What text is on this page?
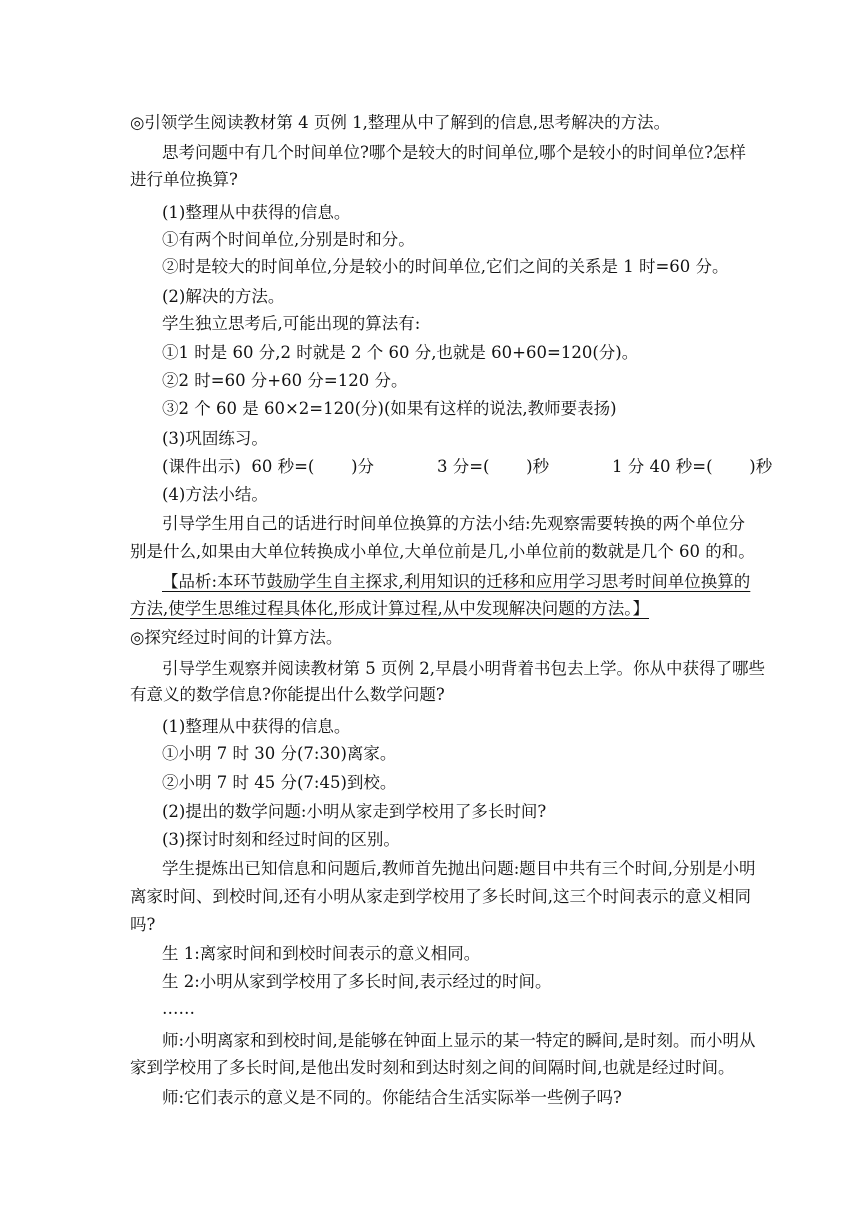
◎引领学生阅读教材第 4 页例 1,整理从中了解到的信息,思考解决的方法。
思考问题中有几个时间单位?哪个是较大的时间单位,哪个是较小的时间单位?怎样
进行单位换算?
(1)整理从中获得的信息。
①有两个时间单位,分别是时和分。
②时是较大的时间单位,分是较小的时间单位,它们之间的关系是 1 时=60 分。
(2)解决的方法。
学生独立思考后,可能出现的算法有:
①1 时是 60 分,2 时就是 2 个 60 分,也就是 60+60=120(分)。
②2 时=60 分+60 分=120 分。
③2 个 60 是 60×2=120(分)(如果有这样的说法,教师要表扬)
(3)巩固练习。
(课件出示)  60 秒=(       )分            3 分=(       )秒            1 分 40 秒=(       )秒
(4)方法小结。
引导学生用自己的话进行时间单位换算的方法小结:先观察需要转换的两个单位分
别是什么,如果由大单位转换成小单位,大单位前是几,小单位前的数就是几个 60 的和。
【品析:本环节鼓励学生自主探求,利用知识的迁移和应用学习思考时间单位换算的
方法,使学生思维过程具体化,形成计算过程,从中发现解决问题的方法。】
◎探究经过时间的计算方法。
引导学生观察并阅读教材第 5 页例 2,早晨小明背着书包去上学。你从中获得了哪些
有意义的数学信息?你能提出什么数学问题?
(1)整理从中获得的信息。
①小明 7 时 30 分(7:30)离家。
②小明 7 时 45 分(7:45)到校。
(2)提出的数学问题:小明从家走到学校用了多长时间?
(3)探讨时刻和经过时间的区别。
学生提炼出已知信息和问题后,教师首先抛出问题:题目中共有三个时间,分别是小明
离家时间、到校时间,还有小明从家走到学校用了多长时间,这三个时间表示的意义相同
吗?
生 1:离家时间和到校时间表示的意义相同。
生 2:小明从家到学校用了多长时间,表示经过的时间。
……
师:小明离家和到校时间,是能够在钟面上显示的某一特定的瞬间,是时刻。而小明从
家到学校用了多长时间,是他出发时刻和到达时刻之间的间隔时间,也就是经过时间。
师:它们表示的意义是不同的。你能结合生活实际举一些例子吗?
